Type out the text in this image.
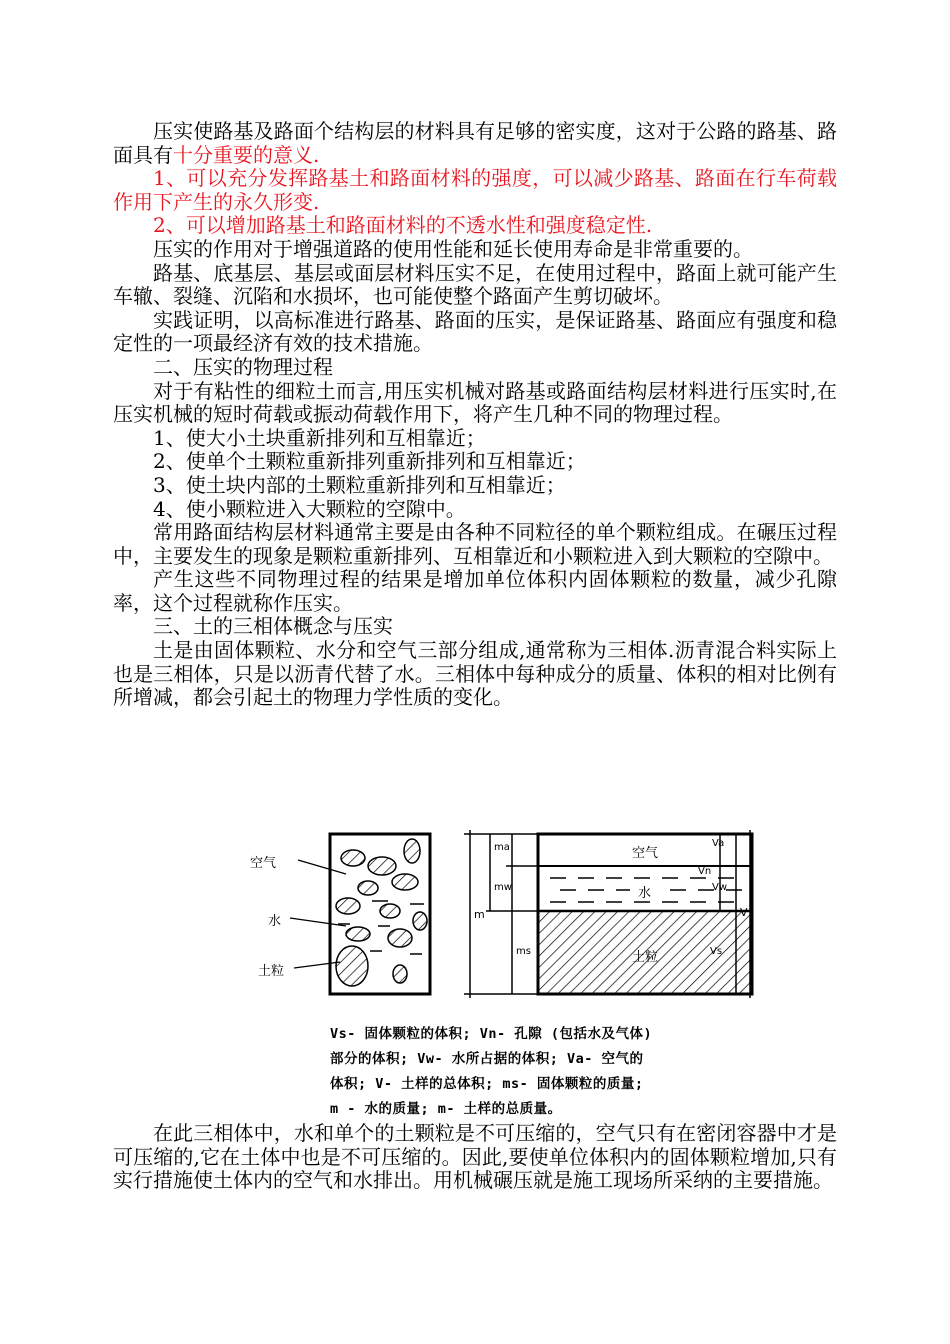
压实使路基及路面个结构层的材料具有足够的密实度，这对于公路的路基、路面具有十分重要的意义.

1、可以充分发挥路基土和路面材料的强度，可以减少路基、路面在行车荷载作用下产生的永久形变.

2、可以增加路基土和路面材料的不透水性和强度稳定性.

压实的作用对于增强道路的使用性能和延长使用寿命是非常重要的。

路基、底基层、基层或面层材料压实不足，在使用过程中，路面上就可能产生车辙、裂缝、沉陷和水损坏，也可能使整个路面产生剪切破坏。

实践证明，以高标准进行路基、路面的压实，是保证路基、路面应有强度和稳定性的一项最经济有效的技术措施。

二、压实的物理过程

对于有粘性的细粒土而言,用压实机械对路基或路面结构层材料进行压实时,在压实机械的短时荷载或振动荷载作用下，将产生几种不同的物理过程。

1、使大小土块重新排列和互相靠近；

2、使单个土颗粒重新排列重新排列和互相靠近；

3、使土块内部的土颗粒重新排列和互相靠近；

4、使小颗粒进入大颗粒的空隙中。

常用路面结构层材料通常主要是由各种不同粒径的单个颗粒组成。在碾压过程中，主要发生的现象是颗粒重新排列、互相靠近和小颗粒进入到大颗粒的空隙中。

产生这些不同物理过程的结果是增加单位体积内固体颗粒的数量，减少孔隙率，这个过程就称作压实。

三、土的三相体概念与压实

土是由固体颗粒、水分和空气三部分组成,通常称为三相体.沥青混合料实际上也是三相体，只是以沥青代替了水。三相体中每种成分的质量、体积的相对比例有所增减，都会引起土的物理力学性质的变化。

空气
水
土粒
空气
水
土粒
m
ma
mw
ms
Va
Vw
Vn
Vs
V
Vs- 固体颗粒的体积; Vn- 孔隙 (包括水及气体)
部分的体积; Vw- 水所占据的体积; Va- 空气的
体积; V- 土样的总体积; ms- 固体颗粒的质量;
m - 水的质量; m- 土样的总质量。

在此三相体中，水和单个的土颗粒是不可压缩的，空气只有在密闭容器中才是可压缩的,它在土体中也是不可压缩的。因此,要使单位体积内的固体颗粒增加,只有实行措施使土体内的空气和水排出。用机械碾压就是施工现场所采纳的主要措施。
